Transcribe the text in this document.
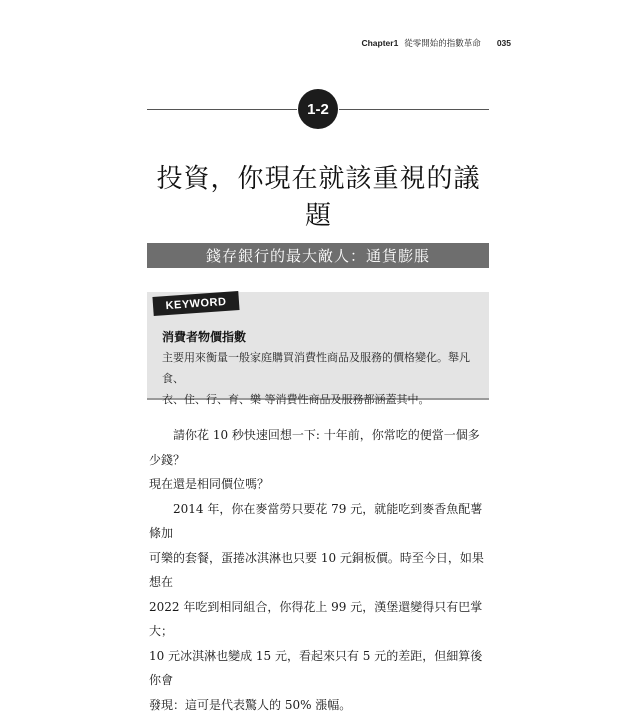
Chapter1 從零開始的指數革命 035
1-2
投資，你現在就該重視的議題
錢存銀行的最大敵人：通貨膨脹
KEYWORD
消費者物價指數
主要用來衡量一般家庭購買消費性商品及服務的價格變化。舉凡食、
衣、住、行、育、樂 等消費性商品及服務都涵蓋其中。

請你花 10 秒快速回想一下: 十年前，你常吃的便當一個多少錢？
現在還是相同價位嗎？

2014 年，你在麥當勞只要花 79 元，就能吃到麥香魚配薯條加
可樂的套餐，蛋捲冰淇淋也只要 10 元銅板價。時至今日，如果想在
2022 年吃到相同組合，你得花上 99 元，漢堡還變得只有巴掌大；
10 元冰淇淋也變成 15 元，看起來只有 5 元的差距，但細算後你會
發現：這可是代表驚人的 50% 漲幅。
